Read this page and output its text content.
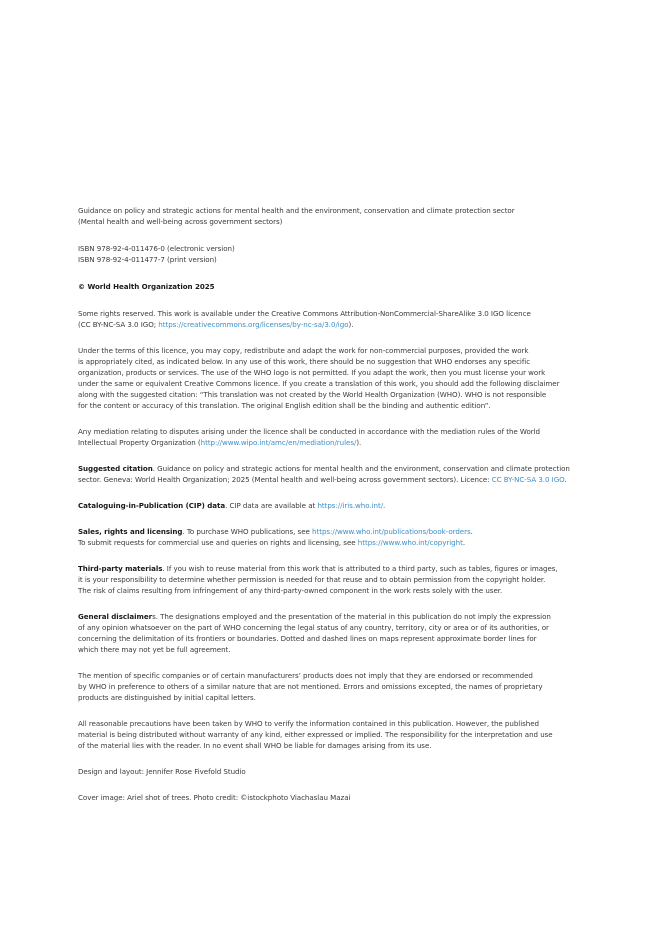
Guidance on policy and strategic actions for mental health and the environment, conservation and climate protection sector
(Mental health and well-being across government sectors)
ISBN 978-92-4-011476-0 (electronic version)
ISBN 978-92-4-011477-7 (print version)
© World Health Organization 2025
Some rights reserved. This work is available under the Creative Commons Attribution-NonCommercial-ShareAlike 3.0 IGO licence
(CC BY-NC-SA 3.0 IGO; https://creativecommons.org/licenses/by-nc-sa/3.0/igo).
Under the terms of this licence, you may copy, redistribute and adapt the work for non-commercial purposes, provided the work
is appropriately cited, as indicated below. In any use of this work, there should be no suggestion that WHO endorses any specific
organization, products or services. The use of the WHO logo is not permitted. If you adapt the work, then you must license your work
under the same or equivalent Creative Commons licence. If you create a translation of this work, you should add the following disclaimer
along with the suggested citation: “This translation was not created by the World Health Organization (WHO). WHO is not responsible
for the content or accuracy of this translation. The original English edition shall be the binding and authentic edition”.
Any mediation relating to disputes arising under the licence shall be conducted in accordance with the mediation rules of the World
Intellectual Property Organization (http://www.wipo.int/amc/en/mediation/rules/).
Suggested citation. Guidance on policy and strategic actions for mental health and the environment, conservation and climate protection
sector. Geneva: World Health Organization; 2025 (Mental health and well-being across government sectors). Licence: CC BY-NC-SA 3.0 IGO.
Cataloguing-in-Publication (CIP) data. CIP data are available at https://iris.who.int/.
Sales, rights and licensing. To purchase WHO publications, see https://www.who.int/publications/book-orders.
To submit requests for commercial use and queries on rights and licensing, see https://www.who.int/copyright.
Third-party materials. If you wish to reuse material from this work that is attributed to a third party, such as tables, figures or images,
it is your responsibility to determine whether permission is needed for that reuse and to obtain permission from the copyright holder.
The risk of claims resulting from infringement of any third-party-owned component in the work rests solely with the user.
General disclaimers. The designations employed and the presentation of the material in this publication do not imply the expression
of any opinion whatsoever on the part of WHO concerning the legal status of any country, territory, city or area or of its authorities, or
concerning the delimitation of its frontiers or boundaries. Dotted and dashed lines on maps represent approximate border lines for
which there may not yet be full agreement.
The mention of specific companies or of certain manufacturers’ products does not imply that they are endorsed or recommended
by WHO in preference to others of a similar nature that are not mentioned. Errors and omissions excepted, the names of proprietary
products are distinguished by initial capital letters.
All reasonable precautions have been taken by WHO to verify the information contained in this publication. However, the published
material is being distributed without warranty of any kind, either expressed or implied. The responsibility for the interpretation and use
of the material lies with the reader. In no event shall WHO be liable for damages arising from its use.
Design and layout: Jennifer Rose Fivefold Studio
Cover image: Ariel shot of trees. Photo credit: ©istockphoto Viachaslau Mazai
